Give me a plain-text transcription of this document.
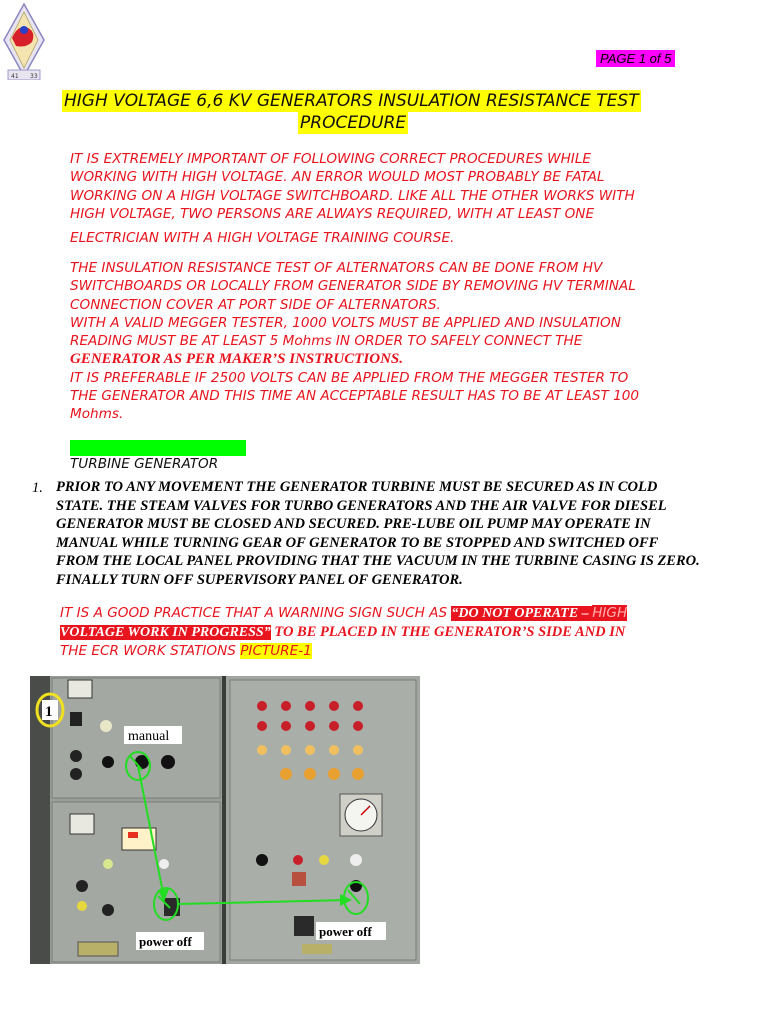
41 33
PAGE 1 of 5
HIGH VOLTAGE 6,6 KV GENERATORS INSULATION RESISTANCE TEST
PROCEDURE

IT IS EXTREMELY IMPORTANT OF FOLLOWING CORRECT PROCEDURES WHILE

WORKING WITH HIGH VOLTAGE. AN ERROR WOULD MOST PROBABLY BE FATAL

WORKING ON A HIGH VOLTAGE SWITCHBOARD. LIKE ALL THE OTHER WORKS WITH

HIGH VOLTAGE, TWO PERSONS ARE ALWAYS REQUIRED, WITH AT LEAST ONE

ELECTRICIAN WITH A HIGH VOLTAGE TRAINING COURSE.

THE INSULATION RESISTANCE TEST OF ALTERNATORS CAN BE DONE FROM HV

SWITCHBOARDS OR LOCALLY FROM GENERATOR SIDE BY REMOVING HV TERMINAL

CONNECTION COVER AT PORT SIDE OF ALTERNATORS.

WITH A VALID MEGGER TESTER, 1000 VOLTS MUST BE APPLIED AND INSULATION

READING MUST BE AT LEAST 5 Mohms IN ORDER TO SAFELY CONNECT THE

GENERATOR AS PER MAKER’S INSTRUCTIONS.

IT IS PREFERABLE IF 2500 VOLTS CAN BE APPLIED FROM THE MEGGER TESTER TO

THE GENERATOR AND THIS TIME AN ACCEPTABLE RESULT HAS TO BE AT LEAST 100

Mohms.

TURBINE GENERATOR
1. PRIOR TO ANY MOVEMENT THE GENERATOR TURBINE MUST BE SECURED AS IN COLD

STATE. THE STEAM VALVES FOR TURBO GENERATORS AND THE AIR VALVE FOR DIESEL

GENERATOR MUST BE CLOSED AND SECURED. PRE-LUBE OIL PUMP MAY OPERATE IN

MANUAL WHILE TURNING GEAR OF GENERATOR TO BE STOPPED AND SWITCHED OFF

FROM THE LOCAL PANEL PROVIDING THAT THE VACUUM IN THE TURBINE CASING IS ZERO.

FINALLY TURN OFF SUPERVISORY PANEL OF GENERATOR.

IT IS A GOOD PRACTICE THAT A WARNING SIGN SUCH AS “DO NOT OPERATE – HIGH
VOLTAGE WORK IN PROGRESS” TO BE PLACED IN THE GENERATOR’S SIDE AND IN
THE ECR WORK STATIONS PICTURE-1
1
manual
power off
power off
